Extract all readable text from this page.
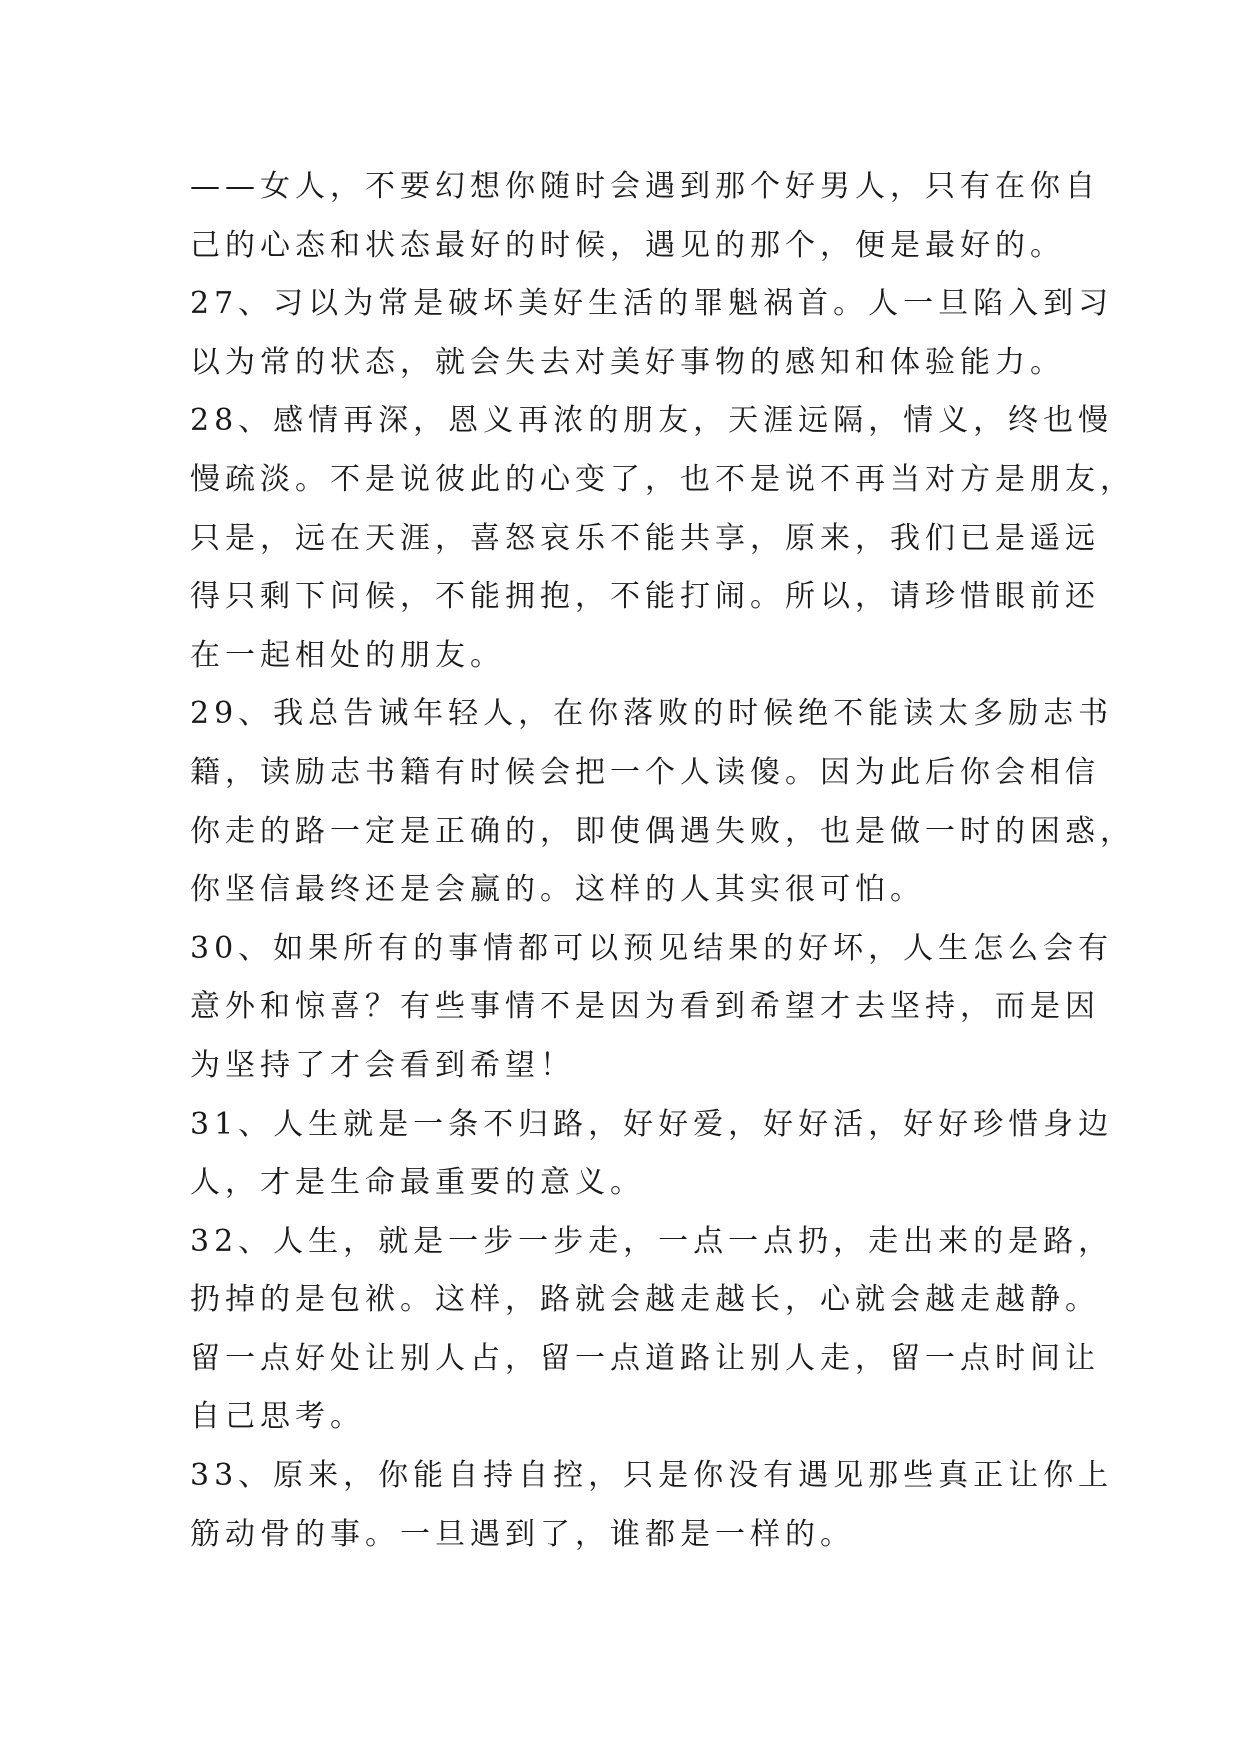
——女人，不要幻想你随时会遇到那个好男人，只有在你自
己的心态和状态最好的时候，遇见的那个，便是最好的。
27、习以为常是破坏美好生活的罪魁祸首。人一旦陷入到习
以为常的状态，就会失去对美好事物的感知和体验能力。
28、感情再深，恩义再浓的朋友，天涯远隔，情义，终也慢
慢疏淡。不是说彼此的心变了，也不是说不再当对方是朋友，
只是，远在天涯，喜怒哀乐不能共享，原来，我们已是遥远
得只剩下问候，不能拥抱，不能打闹。所以，请珍惜眼前还
在一起相处的朋友。
29、我总告诫年轻人，在你落败的时候绝不能读太多励志书
籍，读励志书籍有时候会把一个人读傻。因为此后你会相信
你走的路一定是正确的，即使偶遇失败，也是做一时的困惑，
你坚信最终还是会赢的。这样的人其实很可怕。
30、如果所有的事情都可以预见结果的好坏，人生怎么会有
意外和惊喜？有些事情不是因为看到希望才去坚持，而是因
为坚持了才会看到希望！
31、人生就是一条不归路，好好爱，好好活，好好珍惜身边
人，才是生命最重要的意义。
32、人生，就是一步一步走，一点一点扔，走出来的是路，
扔掉的是包袱。这样，路就会越走越长，心就会越走越静。
留一点好处让别人占，留一点道路让别人走，留一点时间让
自己思考。
33、原来，你能自持自控，只是你没有遇见那些真正让你上
筋动骨的事。一旦遇到了，谁都是一样的。
